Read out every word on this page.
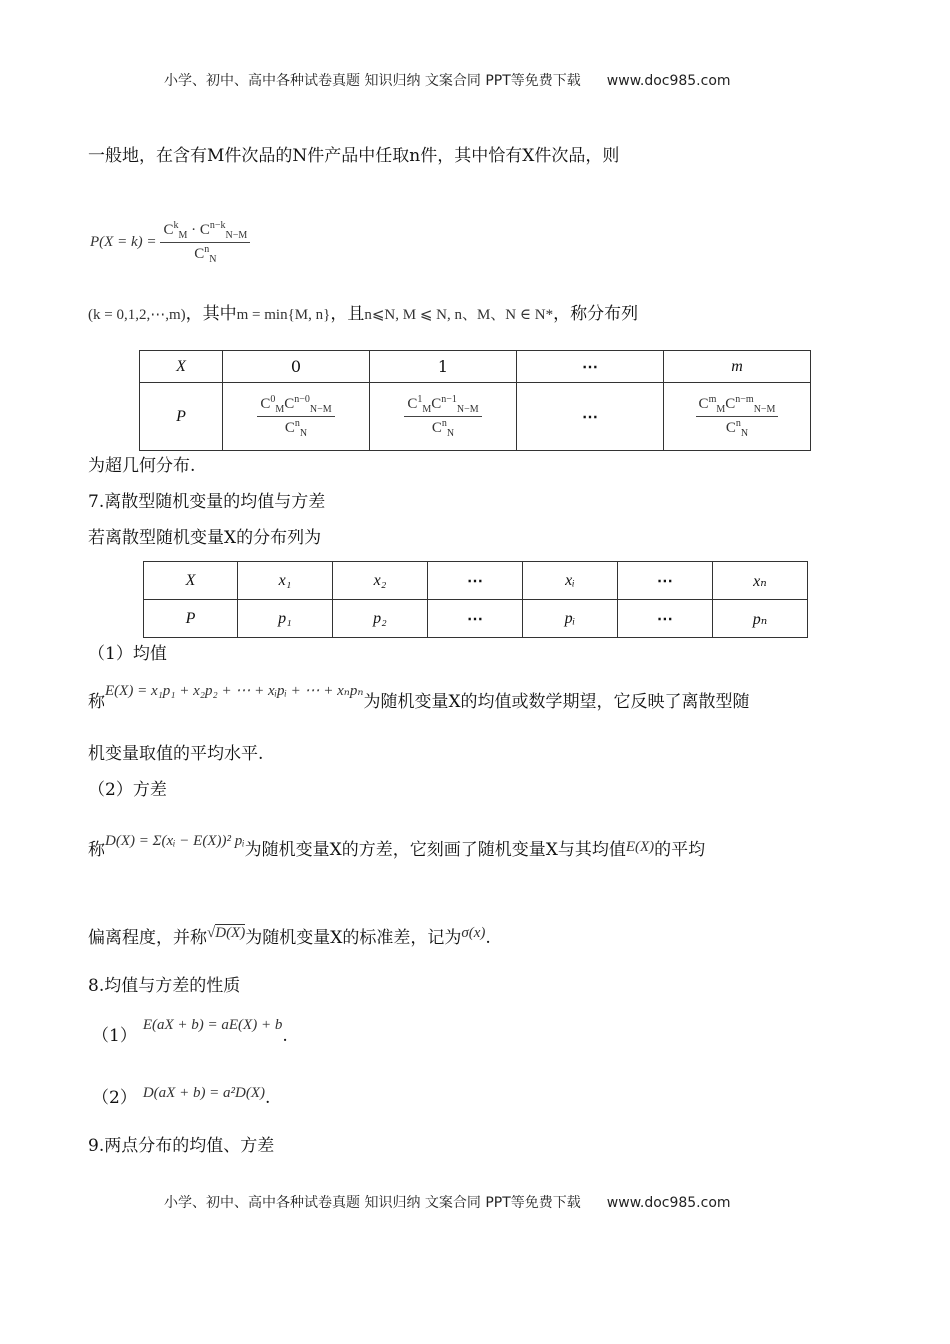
小学、初中、高中各种试卷真题 知识归纳 文案合同 PPT等免费下载 www.doc985.com
一般地，在含有M件次品的N件产品中任取n件，其中恰有X件次品，则
$P(X = k) = \frac{C^k_M \cdot C^{n-k}_{N-M}}{C^n_N}$
(k = 0,1,2,⋯,m)，其中m = min{M, n}，且n⩽N, M ⩽ N, n、M、N ∈ N*，称分布列
X	0	1	⋯	m
P	$\frac{C^0_MC^{n-0}_{N-M}}{C^n_N}$	$\frac{C^1_MC^{n-1}_{N-M}}{C^n_N}$	⋯	$\frac{C^m_MC^{n-m}_{N-M}}{C^n_N}$
为超几何分布.
7.离散型随机变量的均值与方差
若离散型随机变量X的分布列为
X	x₁	x₂	⋯	xᵢ	⋯	xₙ
P	p₁	p₂	⋯	pᵢ	⋯	pₙ
（1）均值
称E(X) = x₁p₁ + x₂p₂ + ⋯ + xᵢpᵢ + ⋯ + xₙpₙ为随机变量X的均值或数学期望，它反映了离散型随
机变量取值的平均水平.
（2）方差
称D(X) = Σ(xᵢ − E(X))² pᵢ为随机变量X的方差，它刻画了随机变量X与其均值E(X)的平均
偏离程度，并称√D(X)为随机变量X的标准差，记为σ(x).
8.均值与方差的性质
（1）E(aX + b) = aE(X) + b.
（2） D(aX + b) = a²D(X).
9.两点分布的均值、方差
小学、初中、高中各种试卷真题 知识归纳 文案合同 PPT等免费下载 www.doc985.com
